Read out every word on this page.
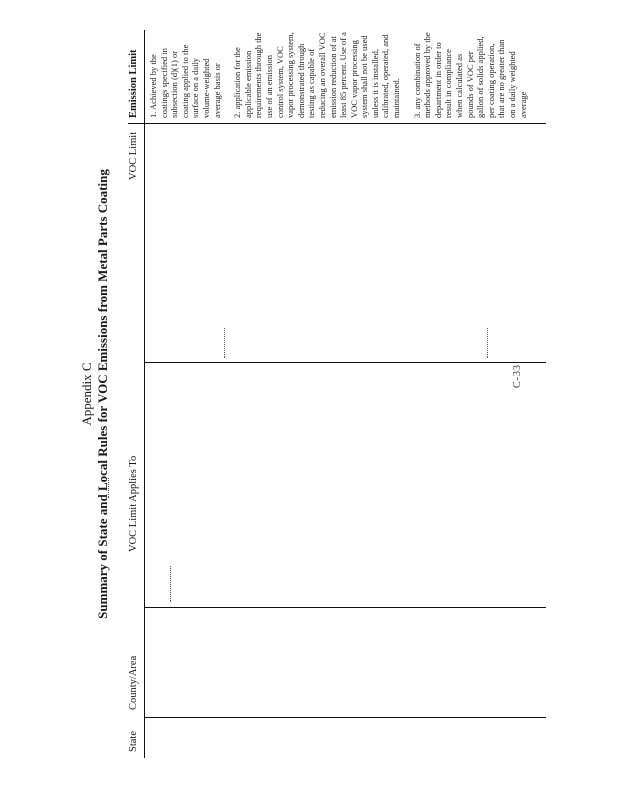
Appendix C Summary of State and Local Rules for VOC Emissions from Metal Parts Coating
State
County/Area
VOC Limit Applies To
VOC Limit
Emission Limit 1. Achieved by the coatings specified in subsection (d)(1) or coating applied to the surface on a daily volume-weighted average basis or 2. application for the applicable emission requirements through the use of an emission control system, VOC vapor processing system, demonstrated through testing as capable of reducing an overall VOC emission reduction of at least 85 percent. Use of a VOC vapor processing system shall not be used unless it is installed, calibrated, operated, and maintained. 3. any combination of methods approved by the department in order to result in compliance when calculated as pounds of VOC per gallon of solids applied, per coating operation, that are no greater than on a daily weighted average

C-33
